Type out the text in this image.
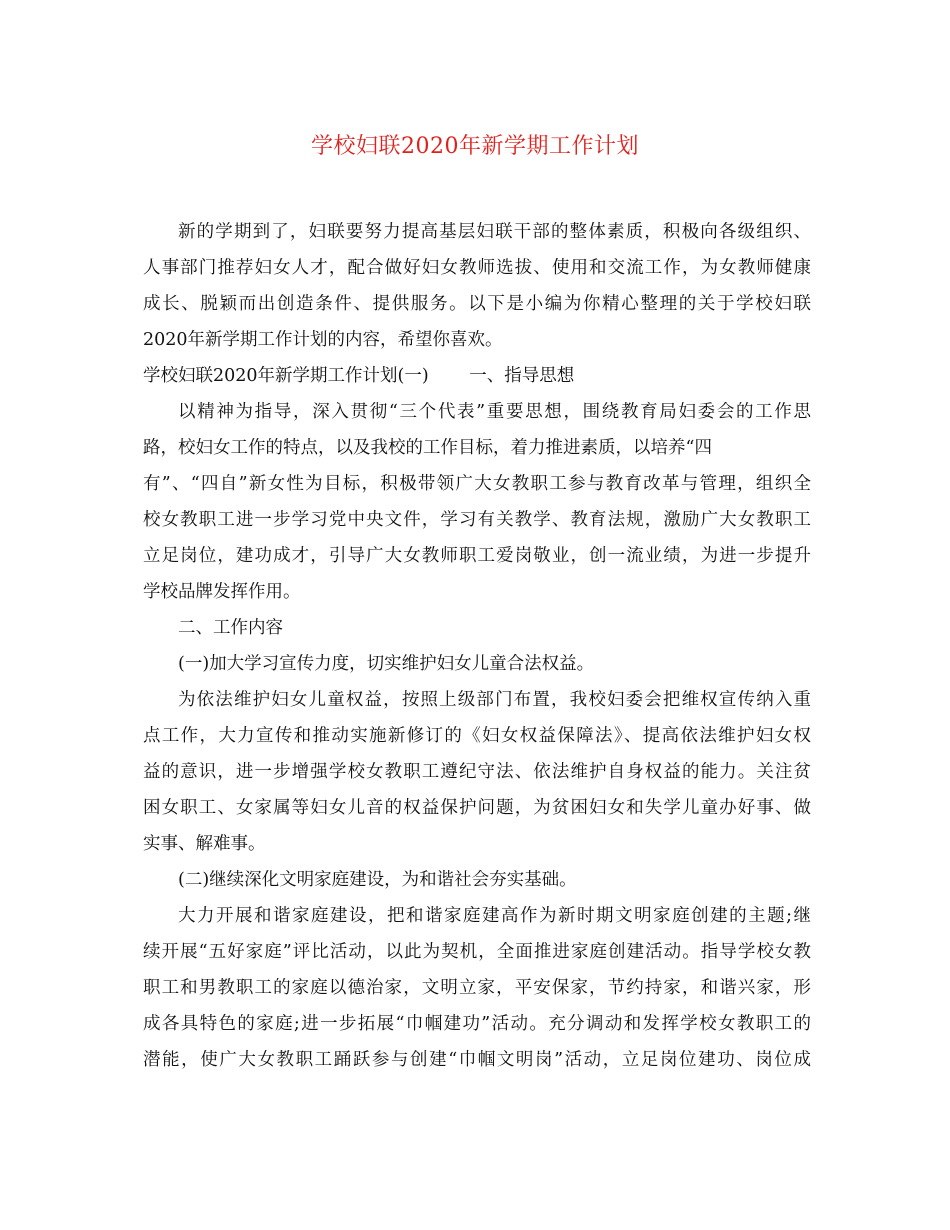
学校妇联2020年新学期工作计划
新的学期到了，妇联要努力提高基层妇联干部的整体素质，积极向各级组织、
人事部门推荐妇女人才，配合做好妇女教师选拔、使用和交流工作，为女教师健康
成长、脱颖而出创造条件、提供服务。以下是小编为你精心整理的关于学校妇联
2020年新学期工作计划的内容，希望你喜欢。
学校妇联2020年新学期工作计划(一)　　 一、指导思想
以精神为指导，深入贯彻“三个代表”重要思想，围绕教育局妇委会的工作思
路，校妇女工作的特点，以及我校的工作目标，着力推进素质，以培养“四
有”、“四自”新女性为目标，积极带领广大女教职工参与教育改革与管理，组织全
校女教职工进一步学习党中央文件，学习有关教学、教育法规，激励广大女教职工
立足岗位，建功成才，引导广大女教师职工爱岗敬业，创一流业绩，为进一步提升
学校品牌发挥作用。
二、工作内容
(一)加大学习宣传力度，切实维护妇女儿童合法权益。
为依法维护妇女儿童权益，按照上级部门布置，我校妇委会把维权宣传纳入重
点工作，大力宣传和推动实施新修订的《妇女权益保障法》、提高依法维护妇女权
益的意识，进一步增强学校女教职工遵纪守法、依法维护自身权益的能力。关注贫
困女职工、女家属等妇女儿音的权益保护问题，为贫困妇女和失学儿童办好事、做
实事、解难事。
(二)继续深化文明家庭建设，为和谐社会夯实基础。
大力开展和谐家庭建设，把和谐家庭建高作为新时期文明家庭创建的主题;继
续开展“五好家庭”评比活动，以此为契机，全面推进家庭创建活动。指导学校女教
职工和男教职工的家庭以德治家，文明立家，平安保家，节约持家，和谐兴家，形
成各具特色的家庭;进一步拓展“巾帼建功”活动。充分调动和发挥学校女教职工的
潜能，使广大女教职工踊跃参与创建“巾帼文明岗”活动，立足岗位建功、岗位成
